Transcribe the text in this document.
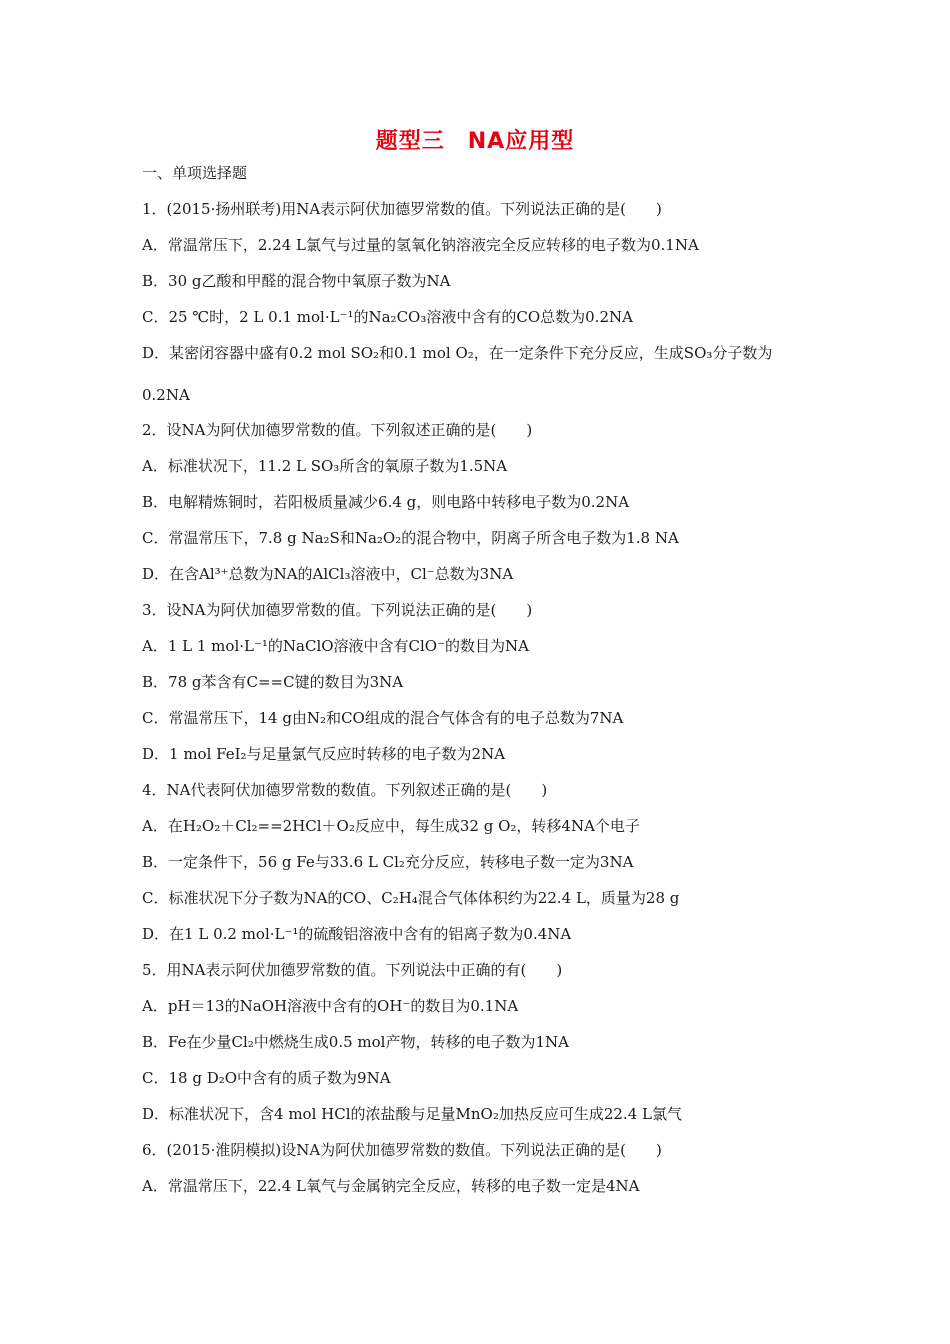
题型三　NA应用型
一、单项选择题
1．(2015·扬州联考)用NA表示阿伏加德罗常数的值。下列说法正确的是(　　)
A．常温常压下，2.24 L氯气与过量的氢氧化钠溶液完全反应转移的电子数为0.1NA
B．30 g乙酸和甲醛的混合物中氧原子数为NA
C．25 ℃时，2 L 0.1 mol·L⁻¹的Na₂CO₃溶液中含有的CO总数为0.2NA
D．某密闭容器中盛有0.2 mol SO₂和0.1 mol O₂，在一定条件下充分反应，生成SO₃分子数为
0.2NA
2．设NA为阿伏加德罗常数的值。下列叙述正确的是(　　)
A．标准状况下，11.2 L SO₃所含的氧原子数为1.5NA
B．电解精炼铜时，若阳极质量减少6.4 g，则电路中转移电子数为0.2NA
C．常温常压下，7.8 g Na₂S和Na₂O₂的混合物中，阴离子所含电子数为1.8 NA
D．在含Al³⁺总数为NA的AlCl₃溶液中，Cl⁻总数为3NA
3．设NA为阿伏加德罗常数的值。下列说法正确的是(　　)
A．1 L 1 mol·L⁻¹的NaClO溶液中含有ClO⁻的数目为NA
B．78 g苯含有C==C键的数目为3NA
C．常温常压下，14 g由N₂和CO组成的混合气体含有的电子总数为7NA
D．1 mol FeI₂与足量氯气反应时转移的电子数为2NA
4．NA代表阿伏加德罗常数的数值。下列叙述正确的是(　　)
A．在H₂O₂＋Cl₂==2HCl＋O₂反应中，每生成32 g O₂，转移4NA个电子
B．一定条件下，56 g Fe与33.6 L Cl₂充分反应，转移电子数一定为3NA
C．标准状况下分子数为NA的CO、C₂H₄混合气体体积约为22.4 L，质量为28 g
D．在1 L 0.2 mol·L⁻¹的硫酸铝溶液中含有的铝离子数为0.4NA
5．用NA表示阿伏加德罗常数的值。下列说法中正确的有(　　)
A．pH＝13的NaOH溶液中含有的OH⁻的数目为0.1NA
B．Fe在少量Cl₂中燃烧生成0.5 mol产物，转移的电子数为1NA
C．18 g D₂O中含有的质子数为9NA
D．标准状况下，含4 mol HCl的浓盐酸与足量MnO₂加热反应可生成22.4 L氯气
6．(2015·淮阴模拟)设NA为阿伏加德罗常数的数值。下列说法正确的是(　　)
A．常温常压下，22.4 L氧气与金属钠完全反应，转移的电子数一定是4NA
